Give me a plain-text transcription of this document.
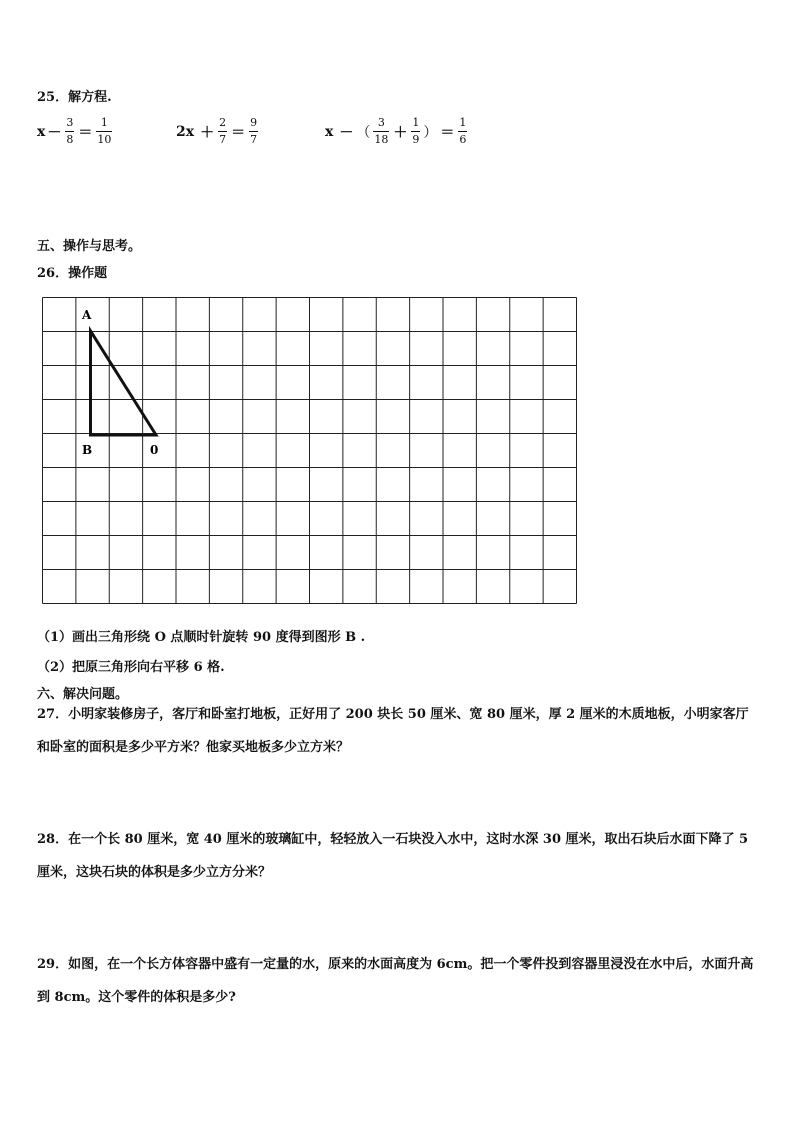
25．解方程.
$x - \frac{3}{8} = \frac{1}{10}$	$2x + \frac{2}{7} = \frac{9}{7}$	x － （ $\frac{3}{18} + \frac{1}{9}$ ） ＝ $\frac{1}{6}$
五、操作与思考。
26．操作题
A
B	0
（1）画出三角形绕 O 点顺时针旋转 90 度得到图形 B .
（2）把原三角形向右平移 6 格.
六、解决问题。
27．小明家装修房子，客厅和卧室打地板，正好用了 200 块长 50 厘米、宽 80 厘米，厚 2 厘米的木质地板，小明家客厅和卧室的面积是多少平方米？他家买地板多少立方米？
28．在一个长 80 厘米，宽 40 厘米的玻璃缸中，轻轻放入一石块没入水中，这时水深 30 厘米，取出石块后水面下降了 5 厘米，这块石块的体积是多少立方分米？
29．如图，在一个长方体容器中盛有一定量的水，原来的水面高度为 6cm。把一个零件投到容器里浸没在水中后，水面升高到 8cm。这个零件的体积是多少?
